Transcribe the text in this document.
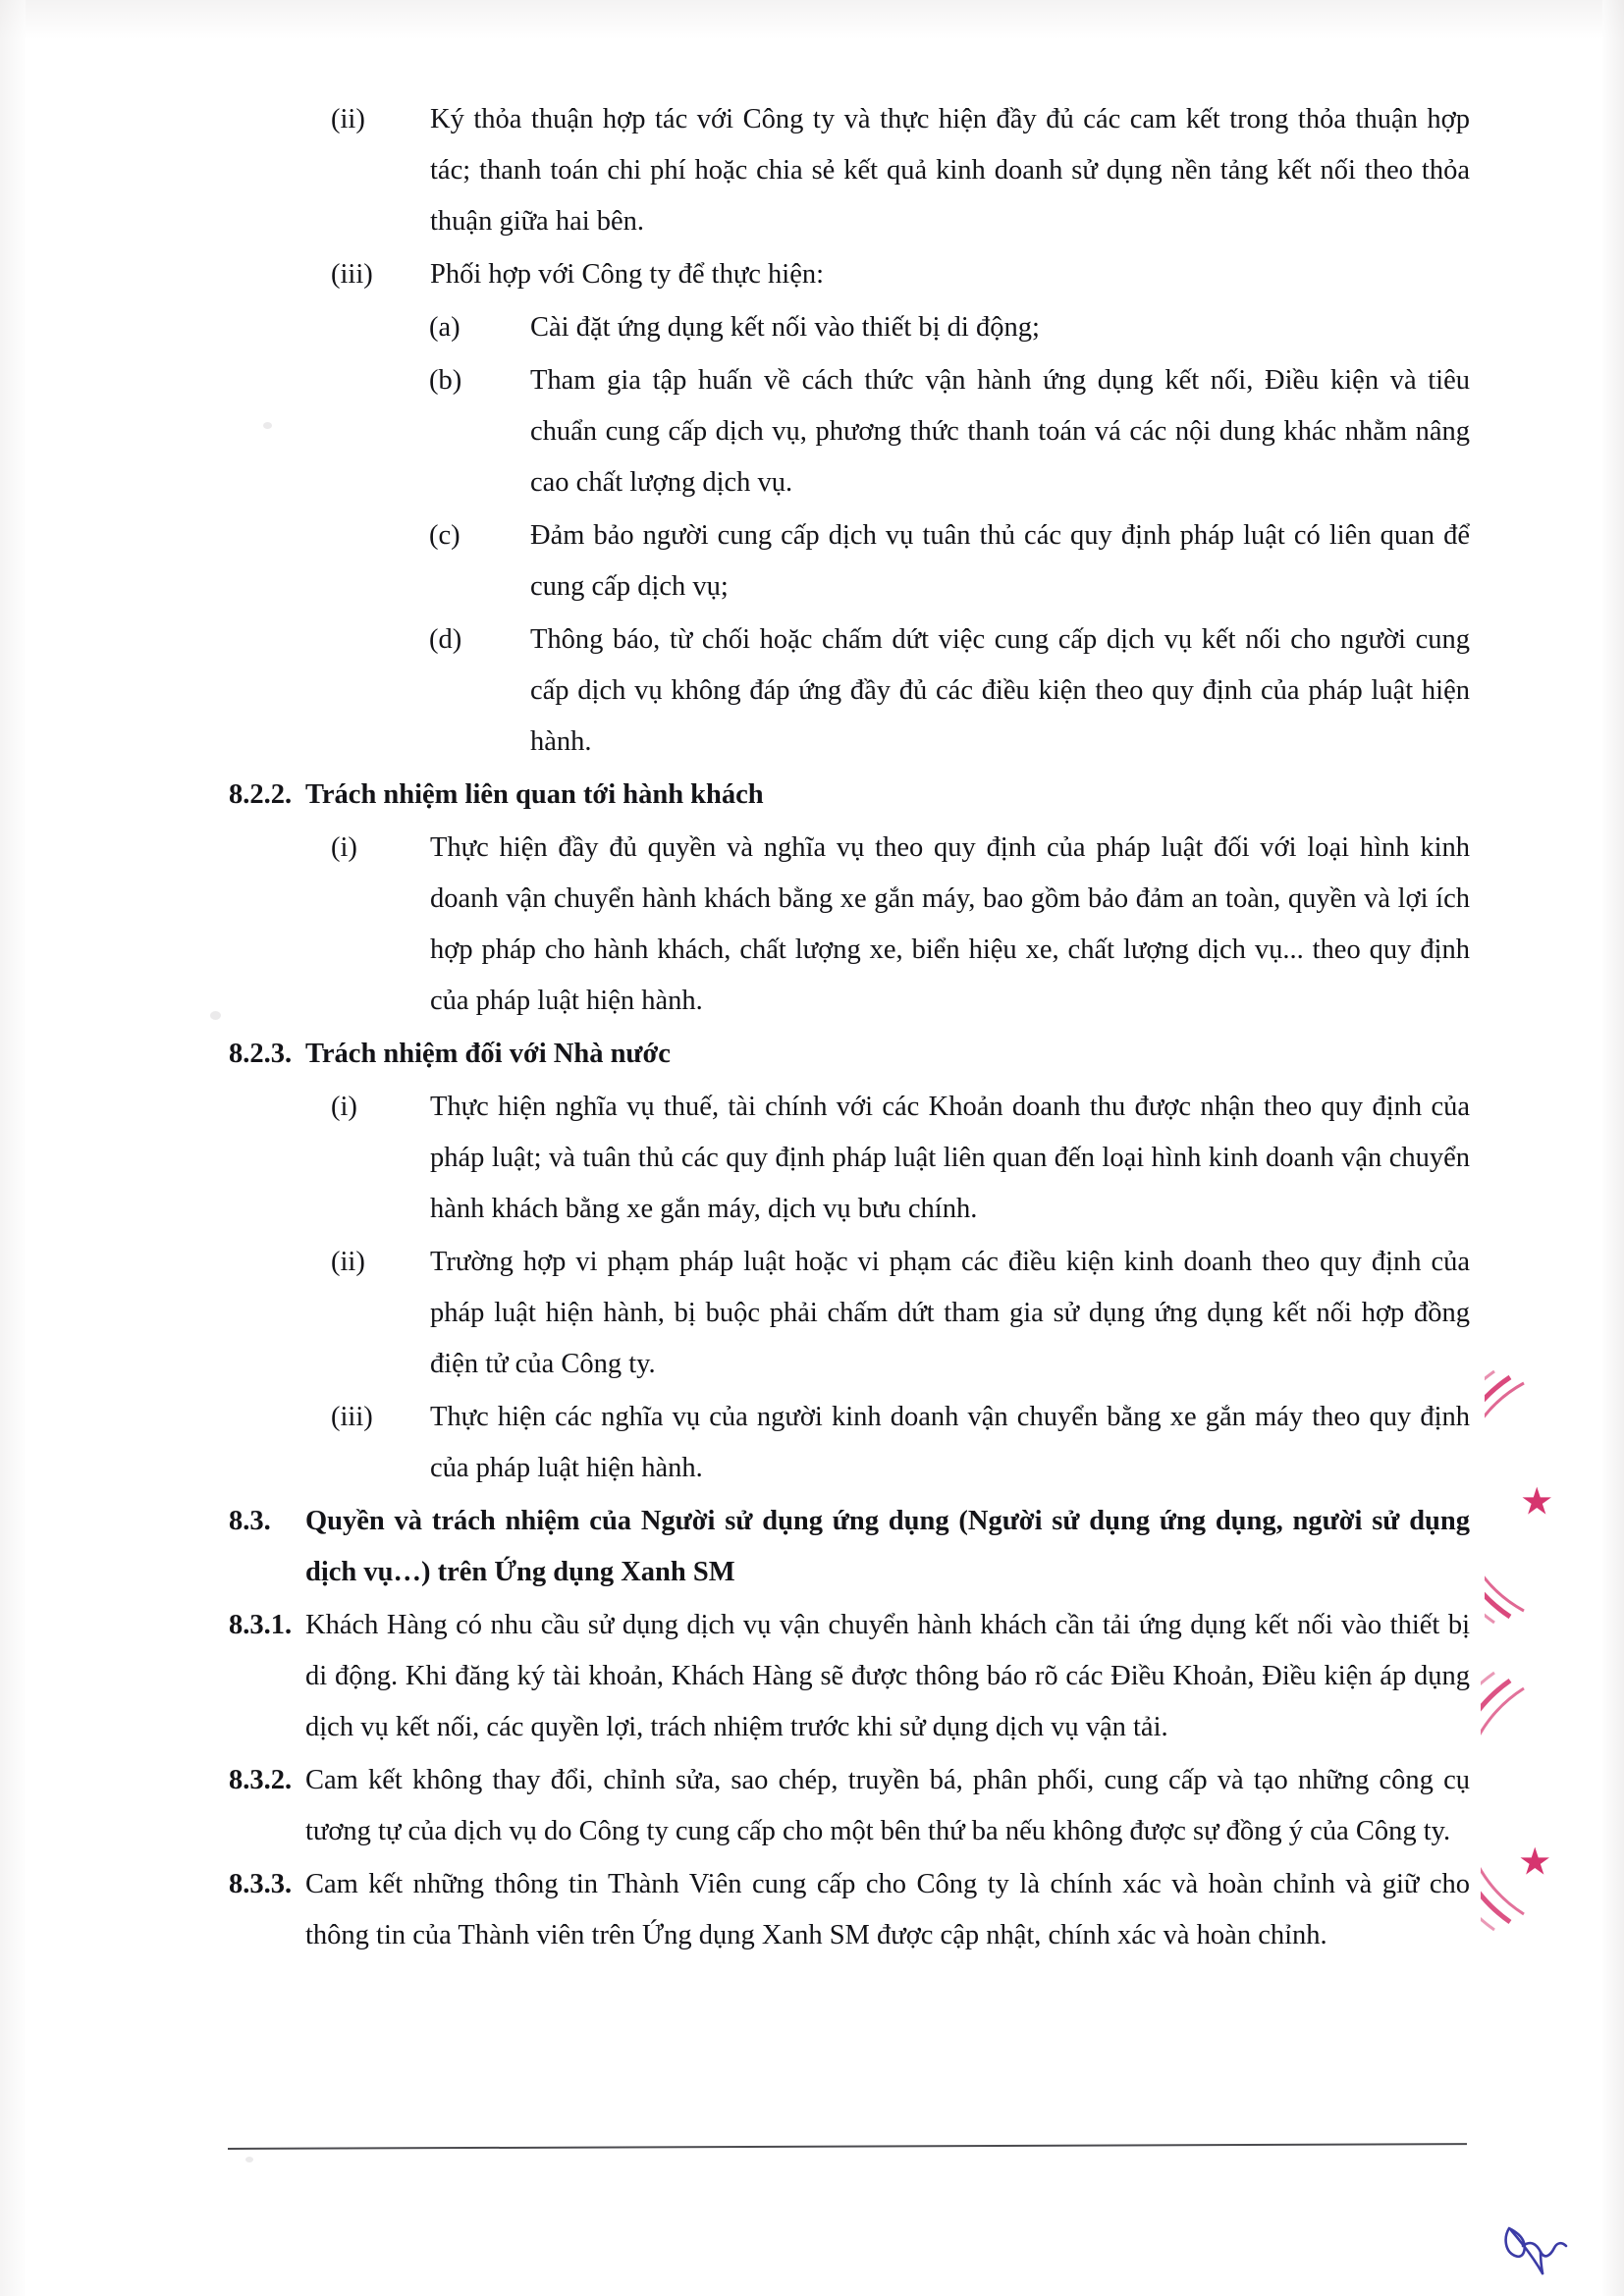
(ii)	Ký thỏa thuận hợp tác với Công ty và thực hiện đầy đủ các cam kết trong thỏa thuận hợp tác; thanh toán chi phí hoặc chia sẻ kết quả kinh doanh sử dụng nền tảng kết nối theo thỏa thuận giữa hai bên.
(iii)	Phối hợp với Công ty để thực hiện:
(a)	Cài đặt ứng dụng kết nối vào thiết bị di động;
(b)	Tham gia tập huấn về cách thức vận hành ứng dụng kết nối, Điều kiện và tiêu chuẩn cung cấp dịch vụ, phương thức thanh toán vá các nội dung khác nhằm nâng cao chất lượng dịch vụ.
(c)	Đảm bảo người cung cấp dịch vụ tuân thủ các quy định pháp luật có liên quan để cung cấp dịch vụ;
(d)	Thông báo, từ chối hoặc chấm dứt việc cung cấp dịch vụ kết nối cho người cung cấp dịch vụ không đáp ứng đầy đủ các điều kiện theo quy định của pháp luật hiện hành.
8.2.2. Trách nhiệm liên quan tới hành khách
(i)	Thực hiện đầy đủ quyền và nghĩa vụ theo quy định của pháp luật đối với loại hình kinh doanh vận chuyển hành khách bằng xe gắn máy, bao gồm bảo đảm an toàn, quyền và lợi ích hợp pháp cho hành khách, chất lượng xe, biển hiệu xe, chất lượng dịch vụ... theo quy định của pháp luật hiện hành.
8.2.3. Trách nhiệm đối với Nhà nước
(i)	Thực hiện nghĩa vụ thuế, tài chính với các Khoản doanh thu được nhận theo quy định của pháp luật; và tuân thủ các quy định pháp luật liên quan đến loại hình kinh doanh vận chuyển hành khách bằng xe gắn máy, dịch vụ bưu chính.
(ii)	Trường hợp vi phạm pháp luật hoặc vi phạm các điều kiện kinh doanh theo quy định của pháp luật hiện hành, bị buộc phải chấm dứt tham gia sử dụng ứng dụng kết nối hợp đồng điện tử của Công ty.
(iii)	Thực hiện các nghĩa vụ của người kinh doanh vận chuyển bằng xe gắn máy theo quy định của pháp luật hiện hành.
8.3.	Quyền và trách nhiệm của Người sử dụng ứng dụng (Người sử dụng ứng dụng, người sử dụng dịch vụ…) trên Ứng dụng Xanh SM
8.3.1. Khách Hàng có nhu cầu sử dụng dịch vụ vận chuyển hành khách cần tải ứng dụng kết nối vào thiết bị di động. Khi đăng ký tài khoản, Khách Hàng sẽ được thông báo rõ các Điều Khoản, Điều kiện áp dụng dịch vụ kết nối, các quyền lợi, trách nhiệm trước khi sử dụng dịch vụ vận tải.
8.3.2. Cam kết không thay đổi, chỉnh sửa, sao chép, truyền bá, phân phối, cung cấp và tạo những công cụ tương tự của dịch vụ do Công ty cung cấp cho một bên thứ ba nếu không được sự đồng ý của Công ty.
8.3.3. Cam kết những thông tin Thành Viên cung cấp cho Công ty là chính xác và hoàn chỉnh và giữ cho thông tin của Thành viên trên Ứng dụng Xanh SM được cập nhật, chính xác và hoàn chỉnh.
★
★
